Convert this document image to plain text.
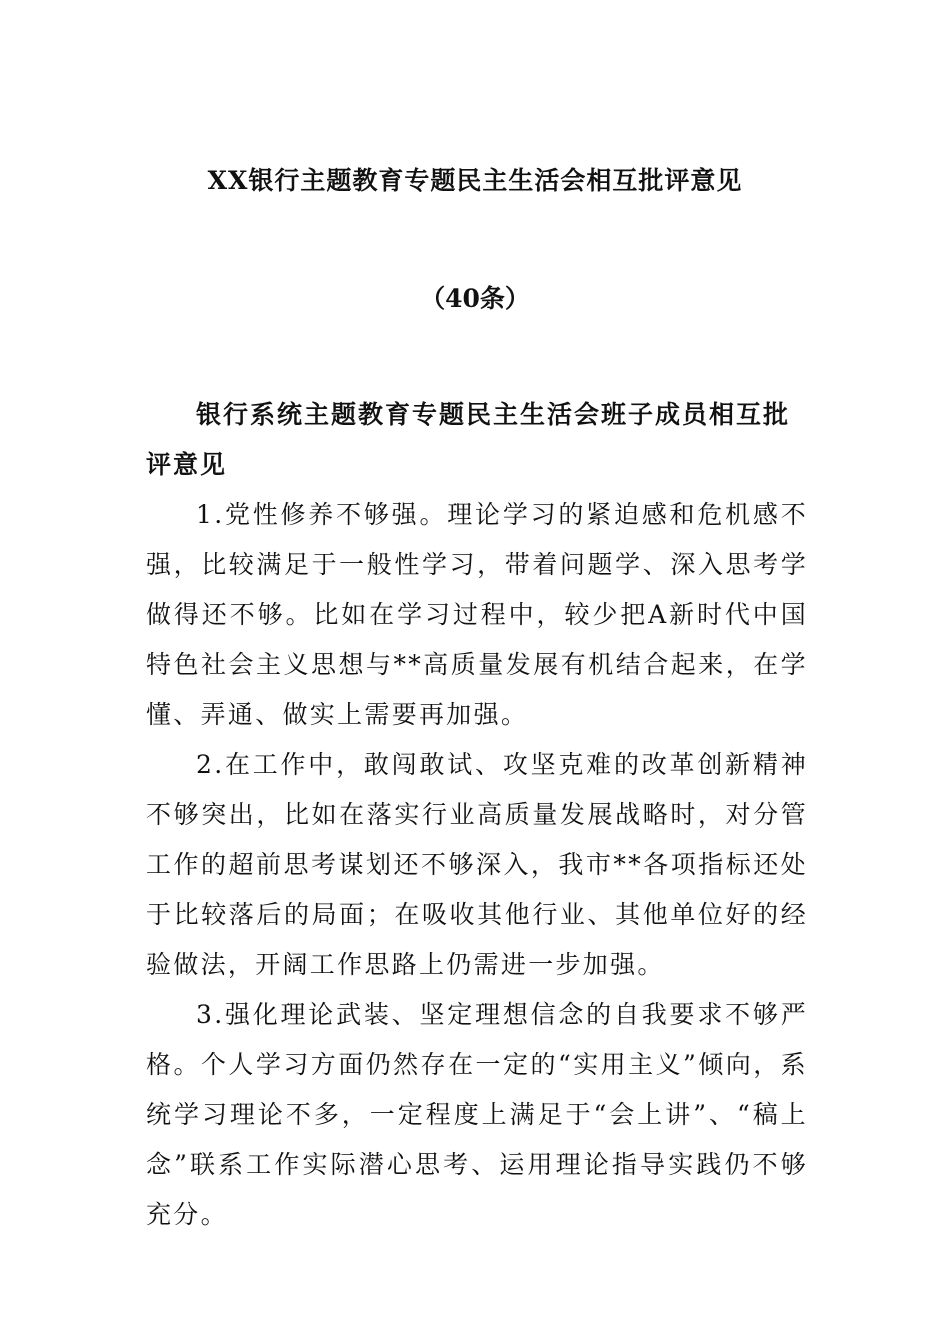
XX银行主题教育专题民主生活会相互批评意见
（40条）

银行系统主题教育专题民主生活会班子成员相互批评意见

1.党性修养不够强。理论学习的紧迫感和危机感不强，比较满足于一般性学习，带着问题学、深入思考学做得还不够。比如在学习过程中，较少把A新时代中国特色社会主义思想与**高质量发展有机结合起来，在学懂、弄通、做实上需要再加强。

2.在工作中，敢闯敢试、攻坚克难的改革创新精神不够突出，比如在落实行业高质量发展战略时，对分管工作的超前思考谋划还不够深入，我市**各项指标还处于比较落后的局面；在吸收其他行业、其他单位好的经验做法，开阔工作思路上仍需进一步加强。

3.强化理论武装、坚定理想信念的自我要求不够严格。个人学习方面仍然存在一定的“实用主义”倾向，系统学习理论不多，一定程度上满足于“会上讲”、“稿上念”联系工作实际潜心思考、运用理论指导实践仍不够充分。
